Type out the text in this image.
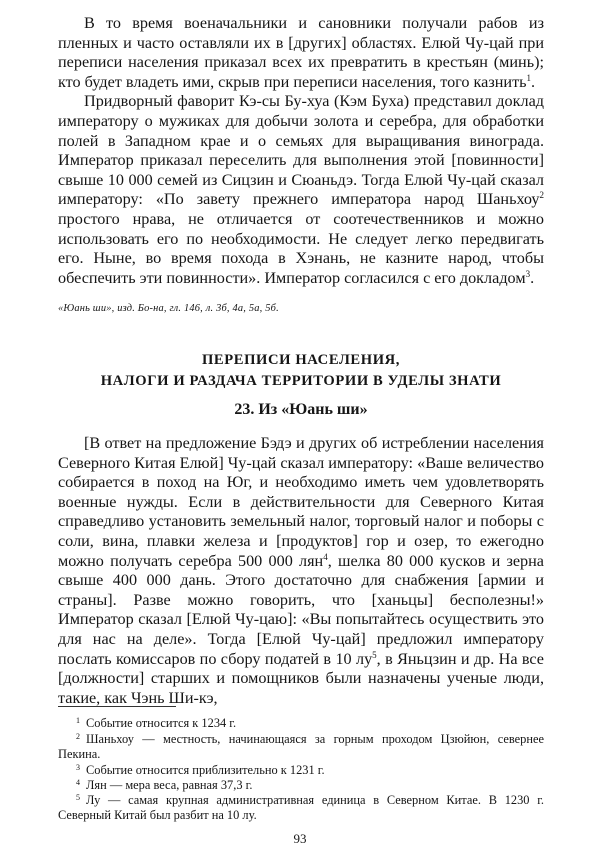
В то время военачальники и сановники получали рабов из пленных и часто оставляли их в [других] областях. Елюй Чу-цай при переписи населения приказал всех их превратить в крестьян (минь); кто будет владеть ими, скрыв при переписи населения, того казнить$^1$.

Придворный фаворит Кэ-сы Бу-хуа (Кэм Буха) представил доклад императору о мужиках для добычи золота и серебра, для обработки полей в Западном крае и о семьях для выращивания винограда. Император приказал переселить для выполнения этой [повинности] свыше 10 000 семей из Сицзин и Сюаньдэ. Тогда Елюй Чу-цай сказал императору: «По завету прежнего императора народ Шаньхоу$^2$ простого нрава, не отличается от соотечественников и можно использовать его по необходимости. Не следует легко передвигать его. Ныне, во время похода в Хэнань, не казните народ, чтобы обеспечить эти повинности». Император согласился с его докладом$^3$.

«Юань ши», изд. Бо-на, гл. 146, л. 3б, 4а, 5а, 5б.

ПЕРЕПИСИ НАСЕЛЕНИЯ,

НАЛОГИ И РАЗДАЧА ТЕРРИТОРИИ В УДЕЛЫ ЗНАТИ

23. Из «Юань ши»

[В ответ на предложение Бэдэ и других об истреблении населения Северного Китая Елюй] Чу-цай сказал императору: «Ваше величество собирается в поход на Юг, и необходимо иметь чем удовлетворять военные нужды. Если в действительности для Северного Китая справедливо установить земельный налог, торговый налог и поборы с соли, вина, плавки железа и [продуктов] гор и озер, то ежегодно можно получать серебра 500 000 лян$^4$, шелка 80 000 кусков и зерна свыше 400 000 дань. Этого достаточно для снабжения [армии и страны]. Разве можно говорить, что [ханьцы] бесполезны!» Император сказал [Елюй Чу-цаю]: «Вы попытайтесь осуществить это для нас на деле». Тогда [Елюй Чу-цай] предложил императору послать комиссаров по сбору податей в 10 $лу^5$, в Яньцзин и др. На все [должности] старших и помощников были назначены ученые люди, такие, как Чэнь Ши-кэ,

1 Событие относится к 1234 г.

2 Шаньхоу — местность, начинающаяся за горным проходом Цзюйюн, севернее Пекина.

3 Событие относится приблизительно к 1231 г.

4 Лян — мера веса, равная 37,3 г.

5 Лу — самая крупная административная единица в Северном Китае. В 1230 г. Северный Китай был разбит на 10 лу.

93
